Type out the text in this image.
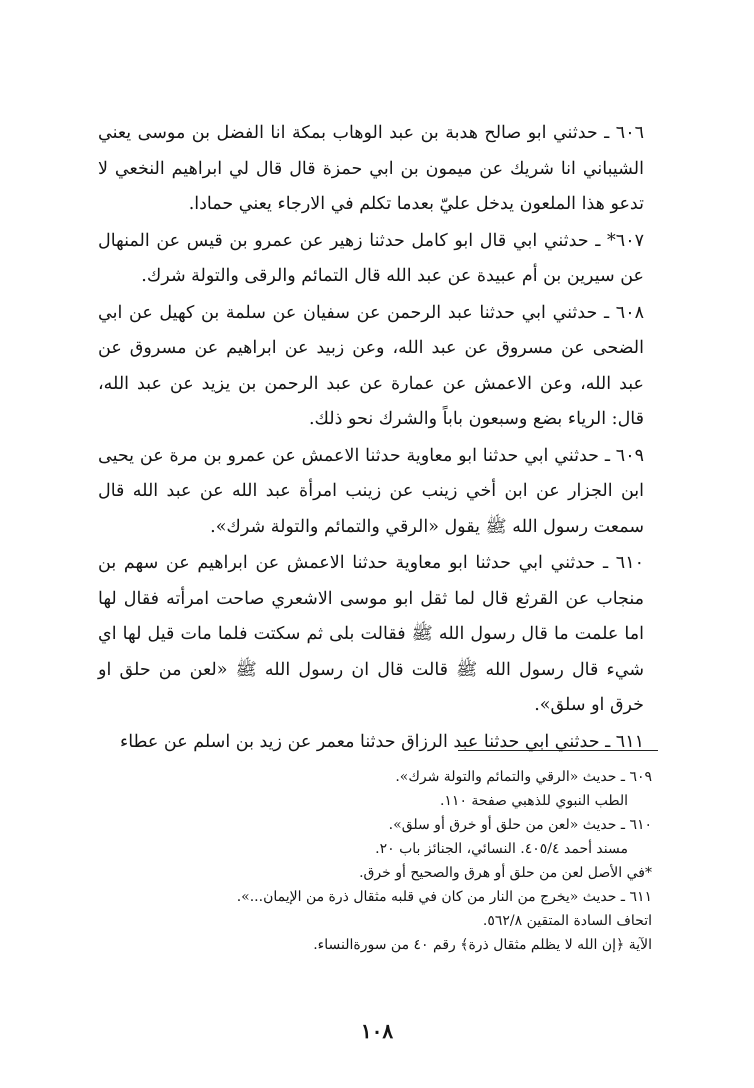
٦٠٦ ـ حدثني ابو صالح هدبة بن عبد الوهاب بمكة انا الفضل بن موسى يعني الشيباني انا شريك عن ميمون بن ابي حمزة قال قال لي ابراهيم النخعي لا تدعو هذا الملعون يدخل عليّ بعدما تكلم في الارجاء يعني حمادا.

٦٠٧* ـ حدثني ابي قال ابو كامل حدثنا زهير عن عمرو بن قيس عن المنهال عن سيرين بن أم عبيدة عن عبد الله قال التمائم والرقى والتولة شرك.

٦٠٨ ـ حدثني ابي حدثنا عبد الرحمن عن سفيان عن سلمة بن كهيل عن ابي الضحى عن مسروق عن عبد الله، وعن زبيد عن ابراهيم عن مسروق عن عبد الله، وعن الاعمش عن عمارة عن عبد الرحمن بن يزيد عن عبد الله، قال: الرياء بضع وسبعون باباً والشرك نحو ذلك.

٦٠٩ ـ حدثني ابي حدثنا ابو معاوية حدثنا الاعمش عن عمرو بن مرة عن يحيى ابن الجزار عن ابن أخي زينب عن زينب امرأة عبد الله عن عبد الله قال سمعت رسول الله ﷺ يقول «الرقي والتمائم والتولة شرك».

٦١٠ ـ حدثني ابي حدثنا ابو معاوية حدثنا الاعمش عن ابراهيم عن سهم بن منجاب عن القرثع قال لما ثقل ابو موسى الاشعري صاحت امرأته فقال لها اما علمت ما قال رسول الله ﷺ فقالت بلى ثم سكتت فلما مات قيل لها اي شيء قال رسول الله ﷺ قالت قال ان رسول الله ﷺ «لعن من حلق او خرق او سلق».

٦١١ ـ حدثني ابي حدثنا عبد الرزاق حدثنا معمر عن زيد بن اسلم عن عطاء

٦٠٩ ـ حديث «الرقي والتمائم والتولة شرك».
الطب النبوي للذهبي صفحة ١١٠.
٦١٠ ـ حديث «لعن من حلق أو خرق أو سلق».
مسند أحمد ٤٠٥/٤. النسائي، الجنائز باب ٢٠.
*في الأصل لعن من حلق أو هرق والصحيح أو خرق.
٦١١ ـ حديث «يخرج من النار من كان في قلبه مثقال ذرة من الإيمان...».
اتحاف السادة المتقين ٥٦٢/٨.
الآية ﴿إن الله لا يظلم مثقال ذرة﴾ رقم ٤٠ من سورةالنساء.
١٠٨
